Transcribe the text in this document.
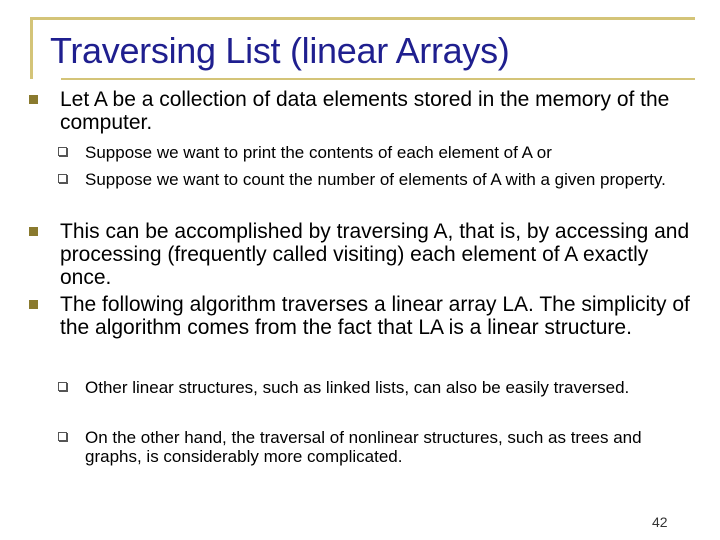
Traversing List (linear Arrays)
Let A be a collection of data elements stored in the memory of the computer.
Suppose we want to print the contents of each element of A or
Suppose we want to count the number of elements of A with a given property.
This can be accomplished by traversing A, that is, by accessing and processing (frequently called visiting) each element of A exactly once.
The following algorithm traverses a linear array LA. The simplicity of the algorithm comes from the fact that LA is a linear structure.
Other linear structures, such as linked lists, can also be easily traversed.
On the other hand, the traversal of nonlinear structures, such as trees and graphs, is considerably more complicated.
42
